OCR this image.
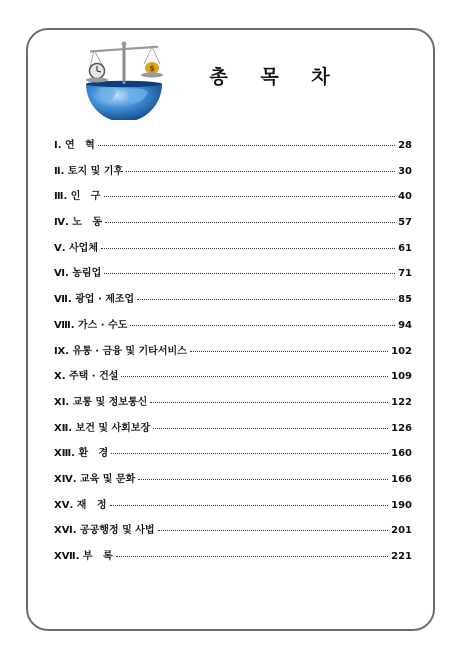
$	총 목 차
Ⅰ. 연   혁	28
Ⅱ. 토지 및 기후	30
Ⅲ. 인   구	40
Ⅳ. 노   동	57
Ⅴ. 사업체	61
Ⅵ. 농림업	71
Ⅶ. 광업 · 제조업	85
Ⅷ. 가스 · 수도	94
Ⅸ. 유통 · 금융 및 기타서비스	102
Ⅹ. 주택 · 건설	109
XⅠ. 교통 및 정보통신	122
XⅡ. 보건 및 사회보장	126
XⅢ. 환   경	160
XⅣ. 교육 및 문화	166
XⅤ. 재   정	190
XⅥ. 공공행정 및 사법	201
XⅦ. 부   록	221
